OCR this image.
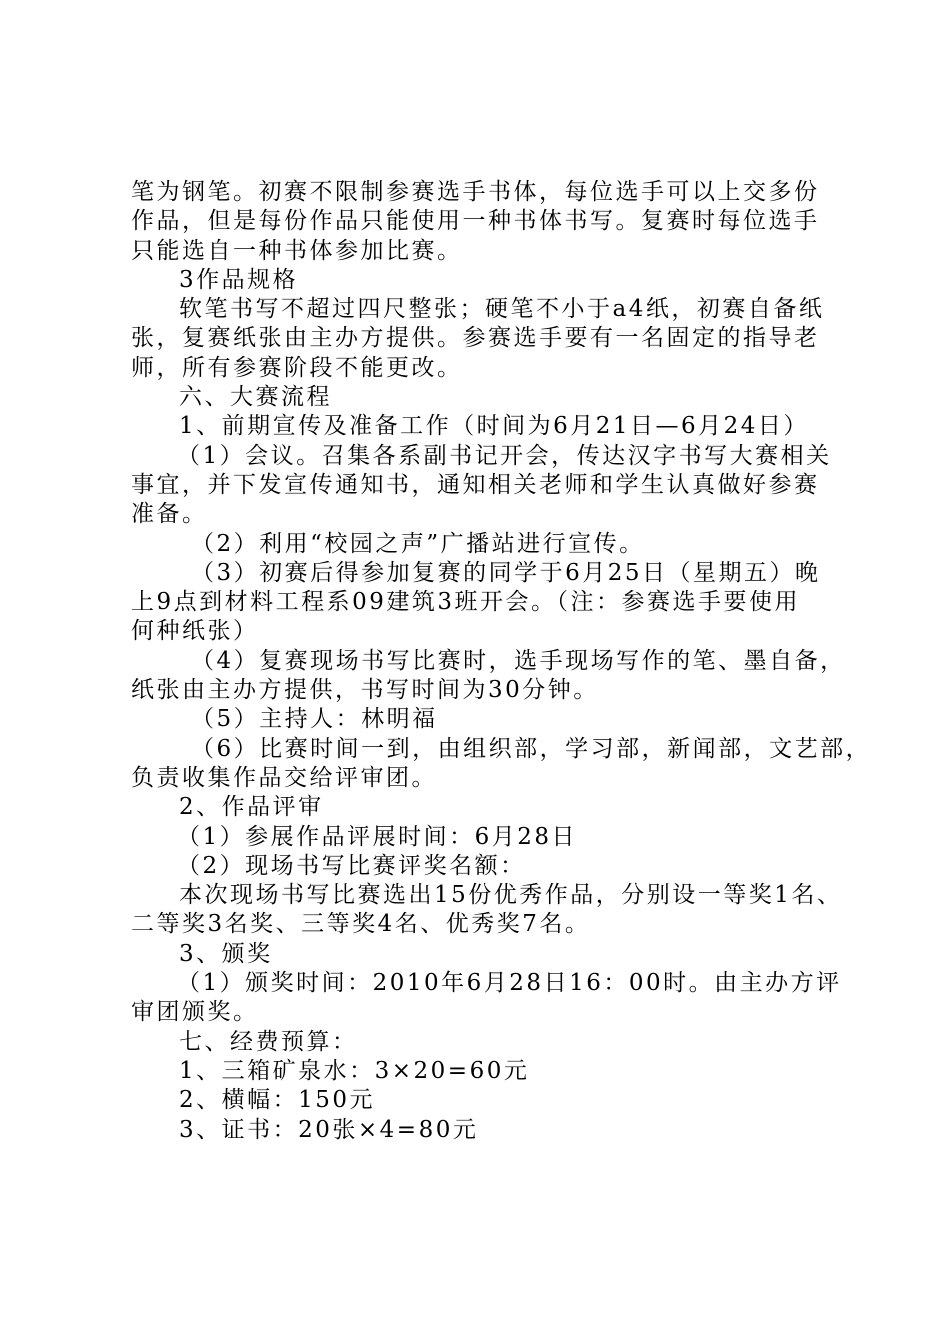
笔为钢笔。初赛不限制参赛选手书体，每位选手可以上交多份
作品，但是每份作品只能使用一种书体书写。复赛时每位选手
只能选自一种书体参加比赛。
3作品规格
软笔书写不超过四尺整张；硬笔不小于a4纸，初赛自备纸
张，复赛纸张由主办方提供。参赛选手要有一名固定的指导老
师，所有参赛阶段不能更改。
六、大赛流程
1、前期宣传及准备工作（时间为6月21日—6月24日）
（1）会议。召集各系副书记开会，传达汉字书写大赛相关
事宜，并下发宣传通知书，通知相关老师和学生认真做好参赛
准备。
（2）利用“校园之声”广播站进行宣传。
（3）初赛后得参加复赛的同学于6月25日（星期五）晚
上9点到材料工程系09建筑3班开会。（注：参赛选手要使用
何种纸张）
（4）复赛现场书写比赛时，选手现场写作的笔、墨自备，
纸张由主办方提供，书写时间为30分钟。
（5）主持人：林明福
（6）比赛时间一到，由组织部，学习部，新闻部，文艺部，
负责收集作品交给评审团。
2、作品评审
（1）参展作品评展时间：6月28日
（2）现场书写比赛评奖名额：
本次现场书写比赛选出15份优秀作品，分别设一等奖1名、
二等奖3名奖、三等奖4名、优秀奖7名。
3、颁奖
（1）颁奖时间：2010年6月28日16：00时。由主办方评
审团颁奖。
七、经费预算：
1、三箱矿泉水：3×20=60元
2、横幅：150元
3、证书：20张×4=80元
